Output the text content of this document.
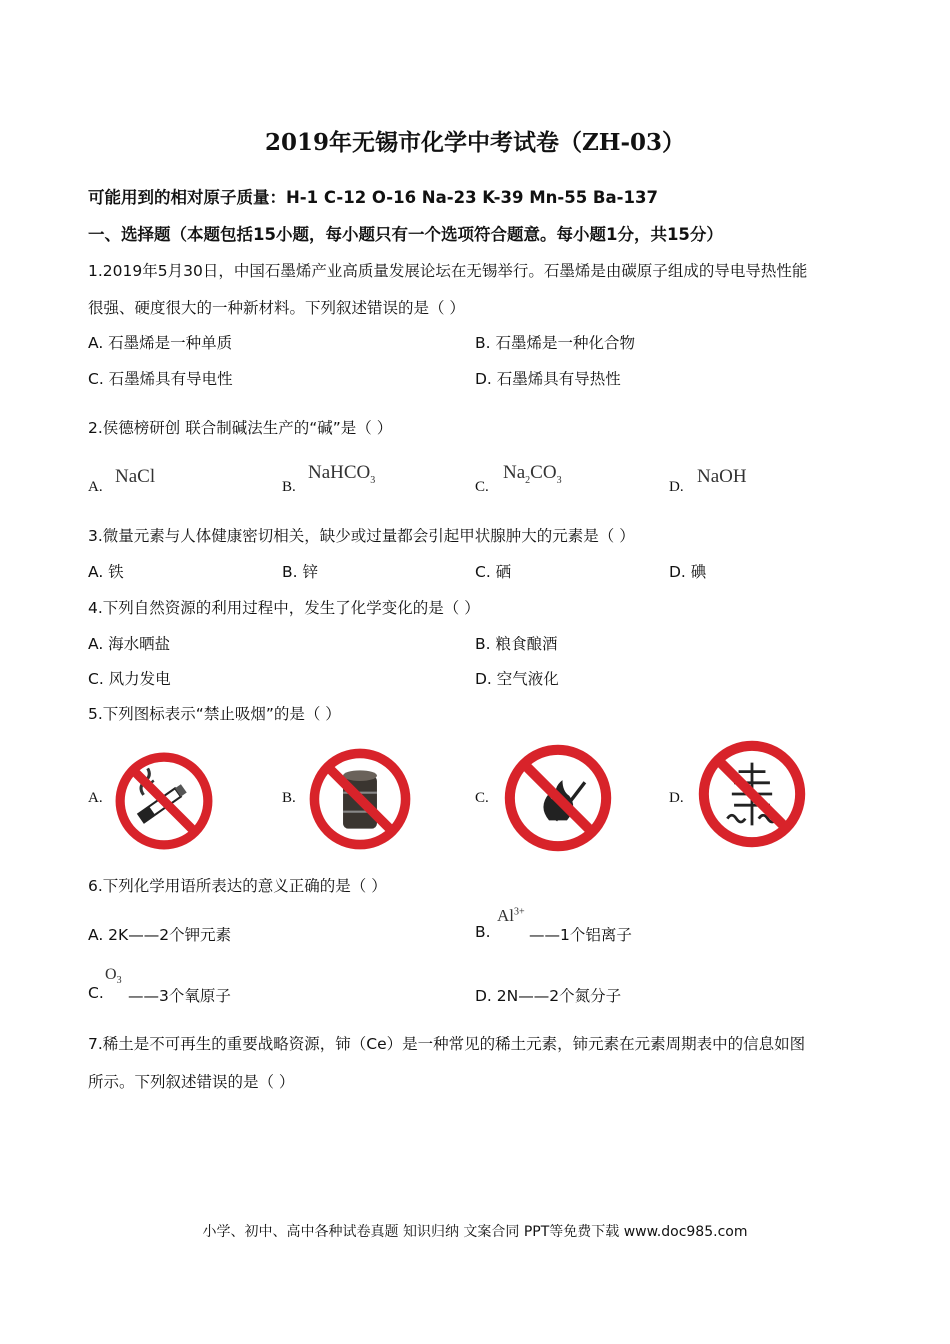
2019年无锡市化学中考试卷（ZH-03）
可能用到的相对原子质量：H-1 C-12 O-16 Na-23 K-39 Mn-55 Ba-137
一、选择题（本题包括15小题，每小题只有一个选项符合题意。每小题1分，共15分）
1.2019年5月30日，中国石墨烯产业高质量发展论坛在无锡举行。石墨烯是由碳原子组成的导电导热性能
很强、硬度很大的一种新材料。下列叙述错误的是（ ）
A. 石墨烯是一种单质	B. 石墨烯是一种化合物
C. 石墨烯具有导电性	D. 石墨烯具有导热性
2.侯德榜研创 联合制碱法生产的“碱”是（ ）
A. NaCl	B.
NaHCO$_3$	C.
$Na_2CO_3$	D. NaOH
3.微量元素与人体健康密切相关，缺少或过量都会引起甲状腺肿大的元素是（ ）
A. 铁	B. 锌	C. 硒	D. 碘
4.下列自然资源的利用过程中，发生了化学变化的是（ ）
A. 海水晒盐	B. 粮食酿酒
C. 风力发电	D. 空气液化
5.下列图标表示“禁止吸烟”的是（ ）
A.	B.	C.	D.
6.下列化学用语所表达的意义正确的是（ ）
A. 2K——2个钾元素	B.
$Al^{3+}$
——1个铝离子
C.
$O_3$
——3个氧原子	D. 2N——2个氮分子
7.稀土是不可再生的重要战略资源，铈（Ce）是一种常见的稀土元素，铈元素在元素周期表中的信息如图
所示。下列叙述错误的是（ ）
小学、初中、高中各种试卷真题 知识归纳 文案合同 PPT等免费下载 www.doc985.com
